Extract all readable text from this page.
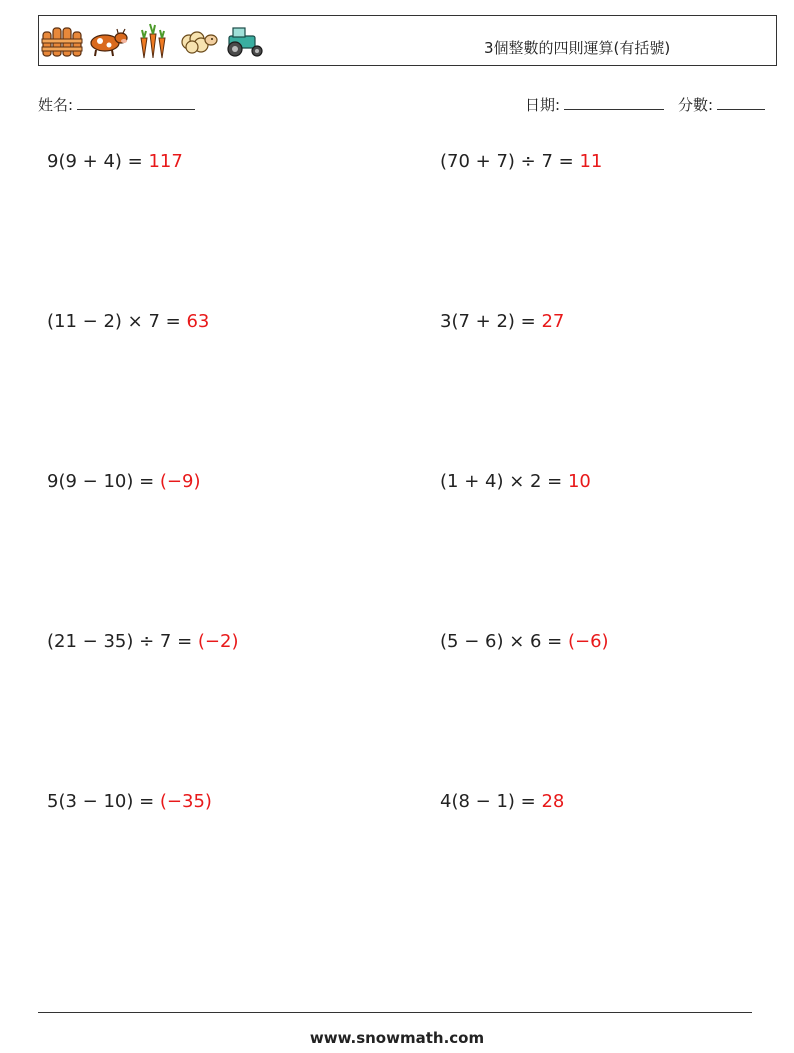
3個整數的四則運算(有括號)
姓名:	日期:	分數:
9(9 + 4) = 117	(70 + 7) ÷ 7 = 11
(11 − 2) × 7 = 63	3(7 + 2) = 27
9(9 − 10) = (−9)	(1 + 4) × 2 = 10
(21 − 35) ÷ 7 = (−2)	(5 − 6) × 6 = (−6)
5(3 − 10) = (−35)	4(8 − 1) = 28
www.snowmath.com
